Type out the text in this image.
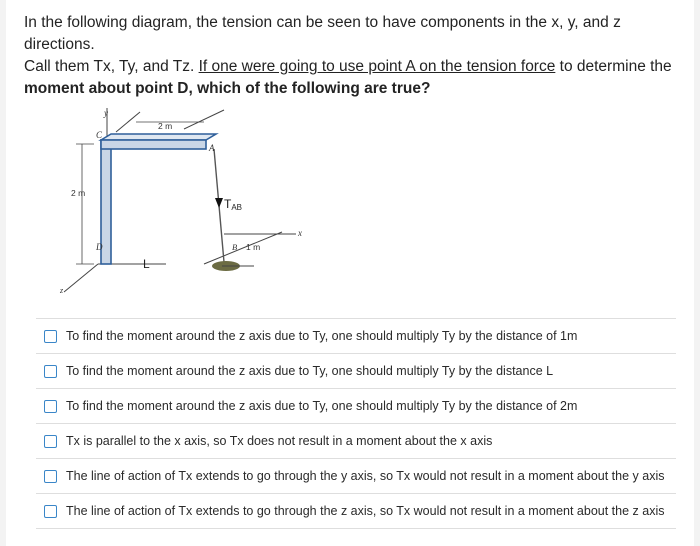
In the following diagram, the tension can be seen to have components in the x, y, and z directions.
Call them Tx, Ty, and Tz. If one were going to use point A on the tension force to determine the
moment about point D, which of the following are true?
y
C
2 m
A
2 m
TAB
D
x
B 1 m
L
z
To find the moment around the z axis due to Ty, one should multiply Ty by the distance of 1m
To find the moment around the z axis due to Ty, one should multiply Ty by the distance L
To find the moment around the z axis due to Ty, one should multiply Ty by the distance of 2m
Tx is parallel to the x axis, so Tx does not result in a moment about the x axis
The line of action of Tx extends to go through the y axis, so Tx would not result in a moment about the y axis
The line of action of Tx extends to go through the z axis, so Tx would not result in a moment about the z axis
